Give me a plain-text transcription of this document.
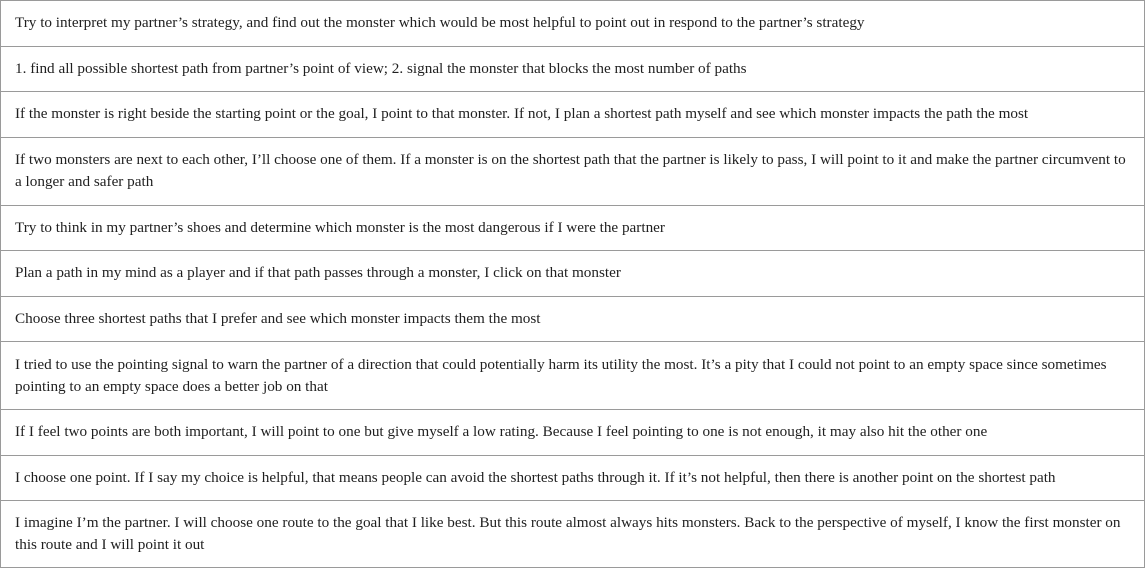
Try to interpret my partner’s strategy, and find out the monster which would be most helpful to point out in respond to the partner’s strategy
1. find all possible shortest path from partner’s point of view; 2. signal the monster that blocks the most number of paths
If the monster is right beside the starting point or the goal, I point to that monster. If not, I plan a shortest path myself and see which monster impacts the path the most
If two monsters are next to each other, I’ll choose one of them. If a monster is on the shortest path that the partner is likely to pass, I will point to it and make the partner circumvent to a longer and safer path
Try to think in my partner’s shoes and determine which monster is the most dangerous if I were the partner
Plan a path in my mind as a player and if that path passes through a monster, I click on that monster
Choose three shortest paths that I prefer and see which monster impacts them the most
I tried to use the pointing signal to warn the partner of a direction that could potentially harm its utility the most. It’s a pity that I could not point to an empty space since sometimes pointing to an empty space does a better job on that
If I feel two points are both important, I will point to one but give myself a low rating. Because I feel pointing to one is not enough, it may also hit the other one
I choose one point. If I say my choice is helpful, that means people can avoid the shortest paths through it. If it’s not helpful, then there is another point on the shortest path
I imagine I’m the partner. I will choose one route to the goal that I like best. But this route almost always hits monsters. Back to the perspective of myself, I know the first monster on this route and I will point it out
